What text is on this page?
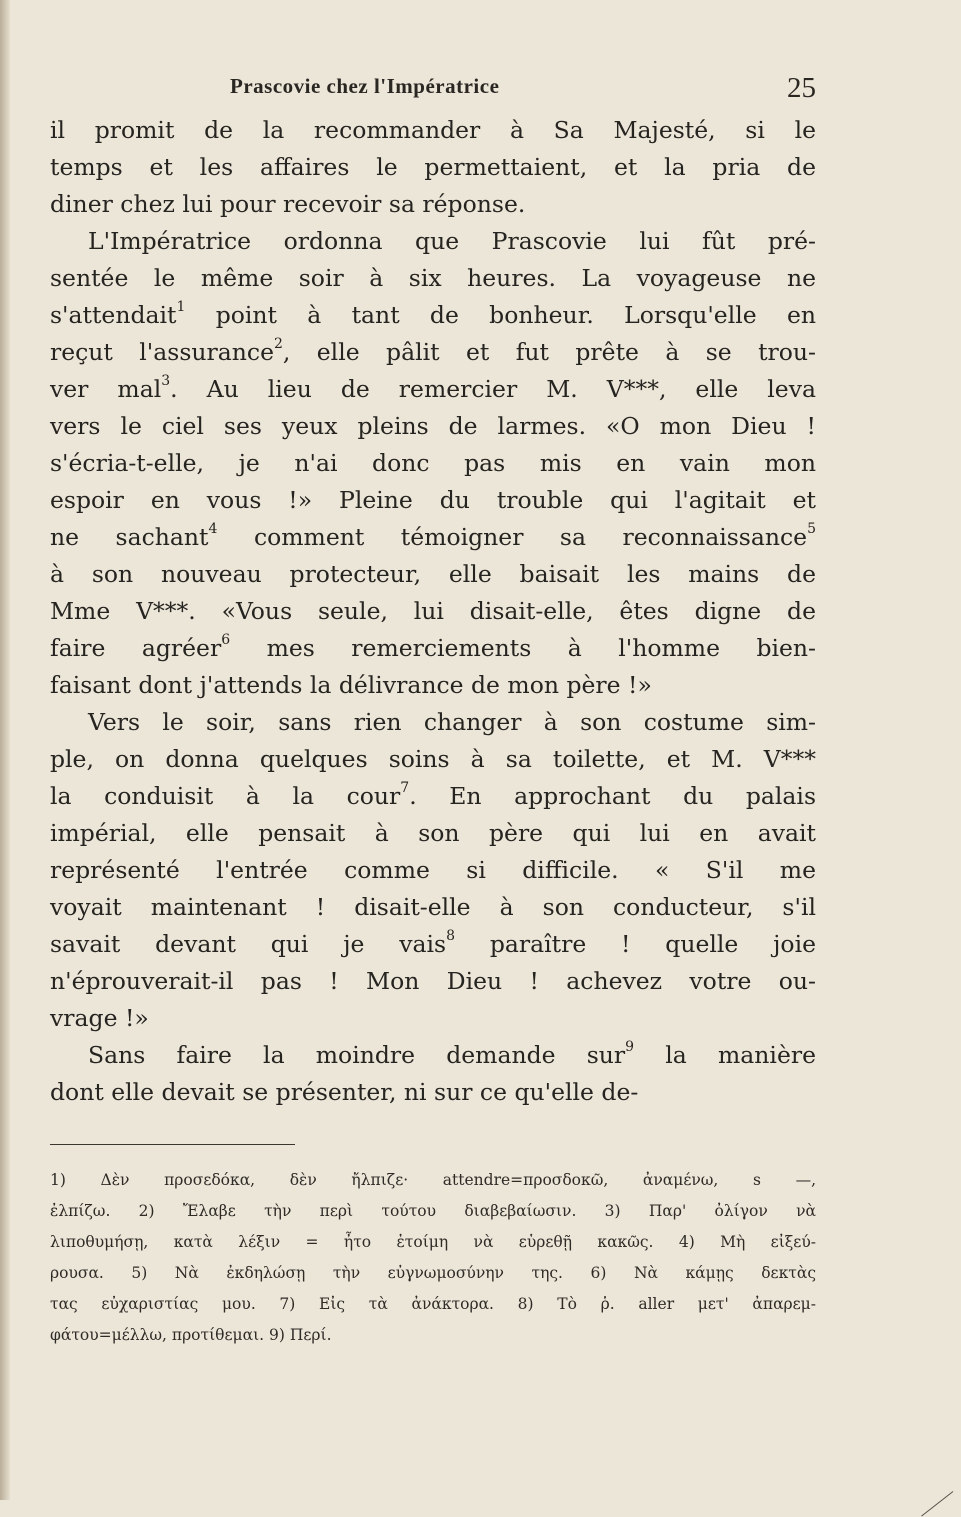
Prascovie chez l'Impératrice	25
il promit de la recommander à Sa Majesté, si le
temps et les affaires le permettaient, et la pria de
diner chez lui pour recevoir sa réponse.
L'Impératrice ordonna que Prascovie lui fût pré-
sentée le même soir à six heures. La voyageuse ne
s'attendait$^1$ point à tant de bonheur. Lorsqu'elle en
reçut l'assurance$^2$, elle pâlit et fut prête à se trou-
ver mal$^3$. Au lieu de remercier M. V***, elle leva
vers le ciel ses yeux pleins de larmes. «O mon Dieu !
s'écria-t-elle, je n'ai donc pas mis en vain mon
espoir en vous !» Pleine du trouble qui l'agitait et
ne sachant$^4$ comment témoigner sa reconnaissance$^5$
à son nouveau protecteur, elle baisait les mains de
Mme V***. «Vous seule, lui disait-elle, êtes digne de
faire agréer$^6$ mes remerciements à l'homme bien-
faisant dont j'attends la délivrance de mon père !»
Vers le soir, sans rien changer à son costume sim-
ple, on donna quelques soins à sa toilette, et M. V***
la conduisit à la cour$^7$. En approchant du palais
impérial, elle pensait à son père qui lui en avait
représenté l'entrée comme si difficile. « S'il me
voyait maintenant ! disait-elle à son conducteur, s'il
savait devant qui je vais$^8$ paraître ! quelle joie
n'éprouverait-il pas ! Mon Dieu ! achevez votre ou-
vrage !»
Sans faire la moindre demande sur$^9$ la manière
dont elle devait se présenter, ni sur ce qu'elle de-
1) Δὲν προσεδόκα, δὲν ἤλπιζε· attendre=προσδοκῶ, ἀναμένω, s —,
ἐλπίζω. 2) Ἔλαβε τὴν περὶ τούτου διαβεβαίωσιν. 3) Παρ' ὀλίγον νὰ
λιποθυμήσῃ, κατὰ λέξιν = ἦτο ἑτοίμη νὰ εὑρεθῇ κακῶς. 4) Μὴ εἰξεύ-
ρουσα. 5) Νὰ ἐκδηλώσῃ τὴν εὐγνωμοσύνην της. 6) Νὰ κάμῃς δεκτὰς
τας εὐχαριστίας μου. 7) Εἰς τὰ ἀνάκτορα. 8) Τὸ ῥ. aller μετ' ἀπαρεμ-
φάτου=μέλλω, προτίθεμαι. 9) Περί.
